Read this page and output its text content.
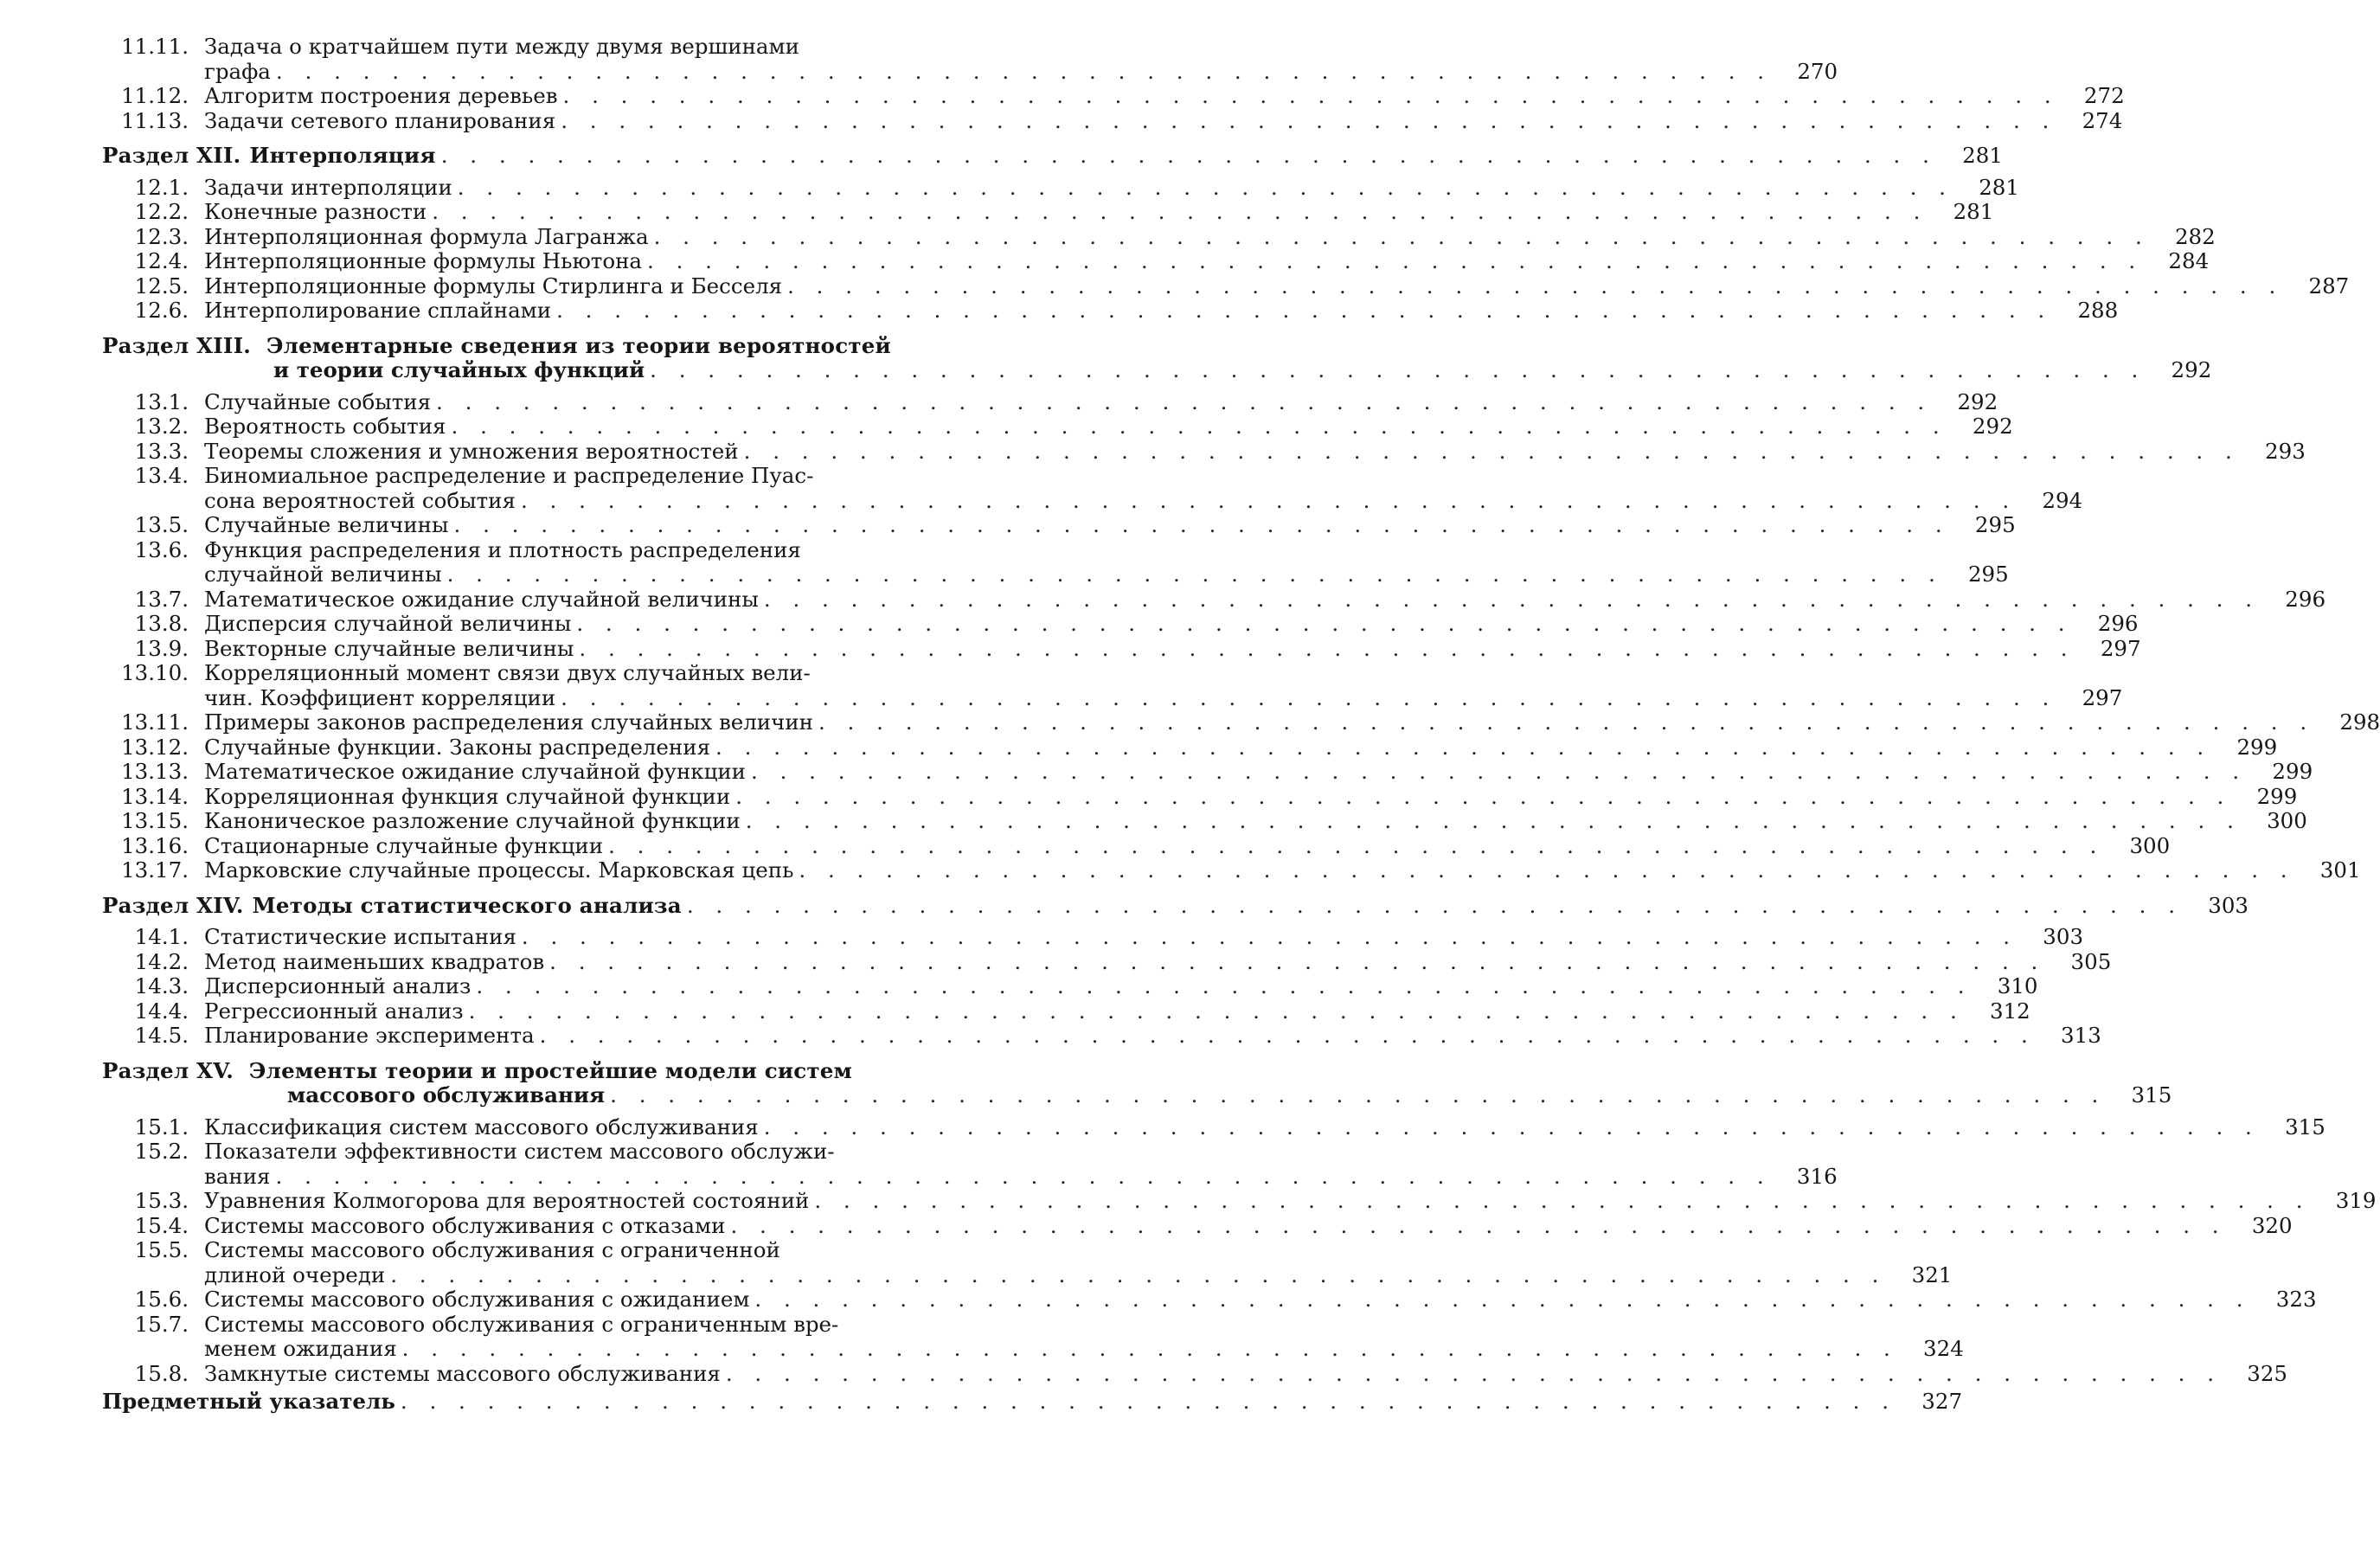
11.11. Задача о кратчайшем пути между двумя вершинами
графа . . .	270
11.12. Алгоритм построения деревьев . . .	272
11.13. Задачи сетевого планирования . . .	274
Раздел XII. Интерполяция . . .	281
12.1. Задачи интерполяции . . .	281
12.2. Конечные разности . . .	281
12.3. Интерполяционная формула Лагранжа . . .	282
12.4. Интерполяционные формулы Ньютона . . .	284
12.5. Интерполяционные формулы Стирлинга и Бесселя . . .	287
12.6. Интерполирование сплайнами . . .	288
Раздел XIII. Элементарные сведения из теории вероятностей
и теории случайных функций . . .	292
13.1. Случайные события . . .	292
13.2. Вероятность события . . .	292
13.3. Теоремы сложения и умножения вероятностей . . .	293
13.4. Биномиальное распределение и распределение Пуас-
сона вероятностей события . . .	294
13.5. Случайные величины . . .	295
13.6. Функция распределения и плотность распределения
случайной величины . . .	295
13.7. Математическое ожидание случайной величины . . .	296
13.8. Дисперсия случайной величины . . .	296
13.9. Векторные случайные величины . . .	297
13.10. Корреляционный момент связи двух случайных вели-
чин. Коэффициент корреляции . . .	297
13.11. Примеры законов распределения случайных величин . . .	298
13.12. Случайные функции. Законы распределения . . .	299
13.13. Математическое ожидание случайной функции . . .	299
13.14. Корреляционная функция случайной функции . . .	299
13.15. Каноническое разложение случайной функции . . .	300
13.16. Стационарные случайные функции . . .	300
13.17. Марковские случайные процессы. Марковская цепь . . .	301
Раздел XIV. Методы статистического анализа . . .	303
14.1. Статистические испытания . . .	303
14.2. Метод наименьших квадратов . . .	305
14.3. Дисперсионный анализ . . .	310
14.4. Регрессионный анализ . . .	312
14.5. Планирование эксперимента . . .	313
Раздел XV. Элементы теории и простейшие модели систем
массового обслуживания . . .	315
15.1. Классификация систем массового обслуживания . . .	315
15.2. Показатели эффективности систем массового обслужи-
вания . . .	316
15.3. Уравнения Колмогорова для вероятностей состояний . . .	319
15.4. Системы массового обслуживания с отказами . . .	320
15.5. Системы массового обслуживания с ограниченной
длиной очереди . . .	321
15.6. Системы массового обслуживания с ожиданием . . .	323
15.7. Системы массового обслуживания с ограниченным вре-
менем ожидания . . .	324
15.8. Замкнутые системы массового обслуживания . . .	325
Предметный указатель . . .	327
